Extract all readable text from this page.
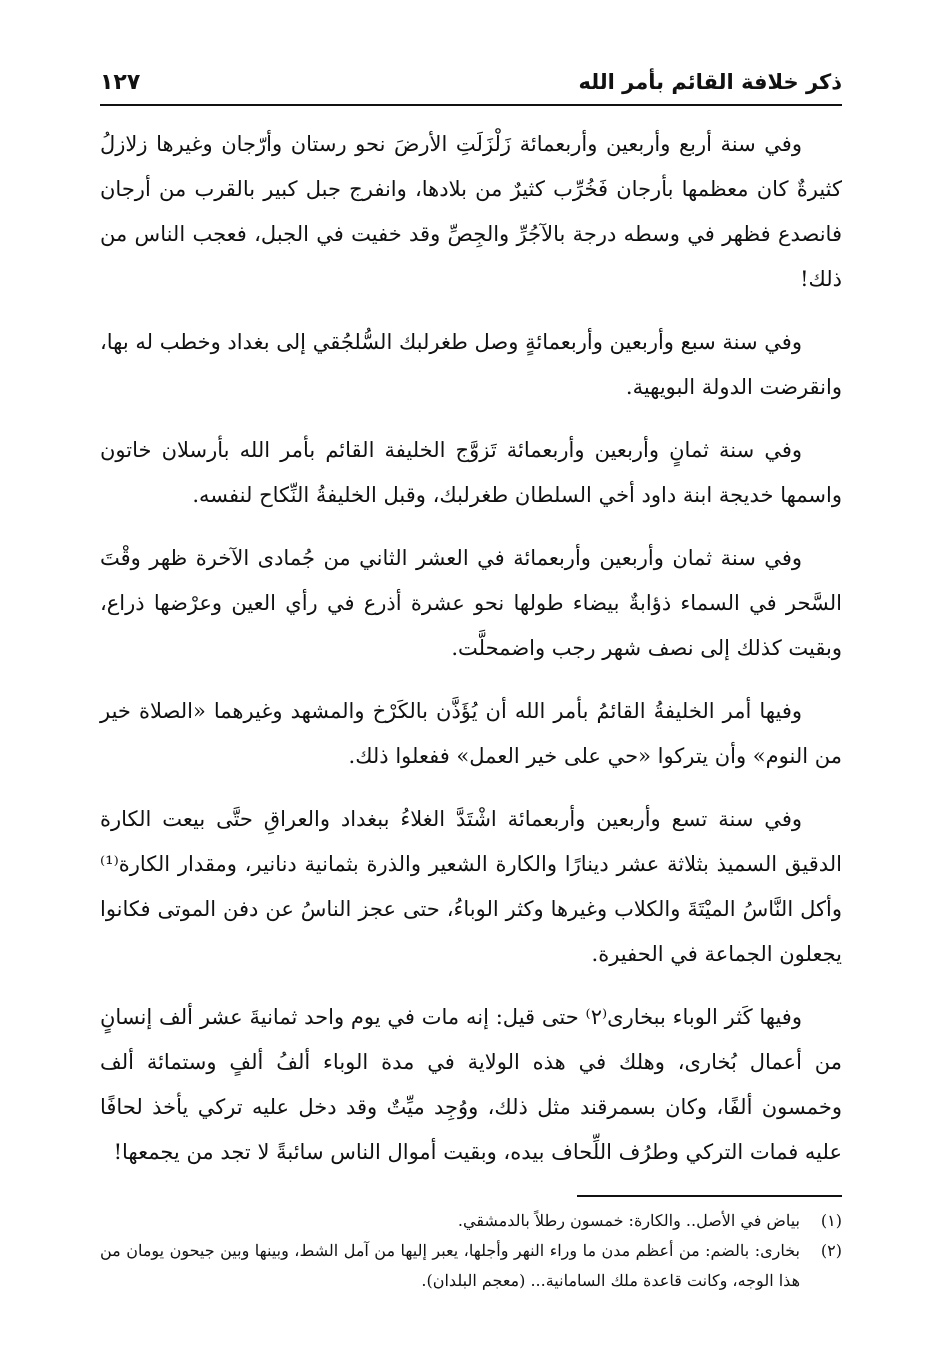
ذكر خلافة القائم بأمر الله
١٢٧

وفي سنة أربع وأربعين وأربعمائة زَلْزَلَتِ الأرضَ نحو رستان وأرّجان وغيرها زلازلُ كثيرةٌ كان معظمها بأرجان فَخُرِّب كثيرٌ من بلادها، وانفرج جبل كبير بالقرب من أرجان فانصدع فظهر في وسطه درجة بالآجُرِّ والجِصِّ وقد خفيت في الجبل، فعجب الناس من ذلك!

وفي سنة سبع وأربعين وأربعمائةٍ وصل طغرلبك السُّلجُقي إلى بغداد وخطب له بها، وانقرضت الدولة البويهية.

وفي سنة ثمانٍ وأربعين وأربعمائة تَزوَّج الخليفة القائم بأمر الله بأرسلان خاتون واسمها خديجة ابنة داود أخي السلطان طغرلبك، وقبل الخليفةُ النِّكاح لنفسه.

وفي سنة ثمان وأربعين وأربعمائة في العشر الثاني من جُمادى الآخرة ظهر وقْتَ السَّحر في السماء ذؤابةٌ بيضاء طولها نحو عشرة أذرع في رأي العين وعرْضها ذراع، وبقيت كذلك إلى نصف شهر رجب واضمحلَّت.

وفيها أمر الخليفةُ القائمُ بأمر الله أن يُؤَذَّن بالكَرْخ والمشهد وغيرهما «الصلاة خير من النوم» وأن يتركوا «حي على خير العمل» ففعلوا ذلك.

وفي سنة تسع وأربعين وأربعمائة اشْتَدَّ الغلاءُ ببغداد والعراقِ حتَّى بيعت الكارة الدقيق السميذ بثلاثة عشر دينارًا والكارة الشعير والذرة بثمانية دنانير، ومقدار الكارة⁽¹⁾ وأكل النَّاسُ الميْتَةَ والكلاب وغيرها وكثر الوباءُ، حتى عجز الناسُ عن دفن الموتى فكانوا يجعلون الجماعة في الحفيرة.

وفيها كَثر الوباء ببخارى⁽٢⁾ حتى قيل: إنه مات في يوم واحد ثمانيةَ عشر ألف إنسانٍ من أعمال بُخارى، وهلك في هذه الولاية في مدة الوباء ألفُ ألفٍ وستمائة ألف وخمسون ألفًا، وكان بسمرقند مثل ذلك، ووُجِد ميِّتٌ وقد دخل عليه تركي يأخذ لحافًا عليه فمات التركي وطرُف اللِّحاف بيده، وبقيت أموال الناس سائبةً لا تجد من يجمعها!

(١)
بياض في الأصل.. والكارة: خمسون رطلاً بالدمشقي.
(٢)
بخارى: بالضم: من أعظم مدن ما وراء النهر وأجلها، يعبر إليها من آمل الشط، وبينها وبين جيحون يومان من هذا الوجه، وكانت قاعدة ملك السامانية... (معجم البلدان).
